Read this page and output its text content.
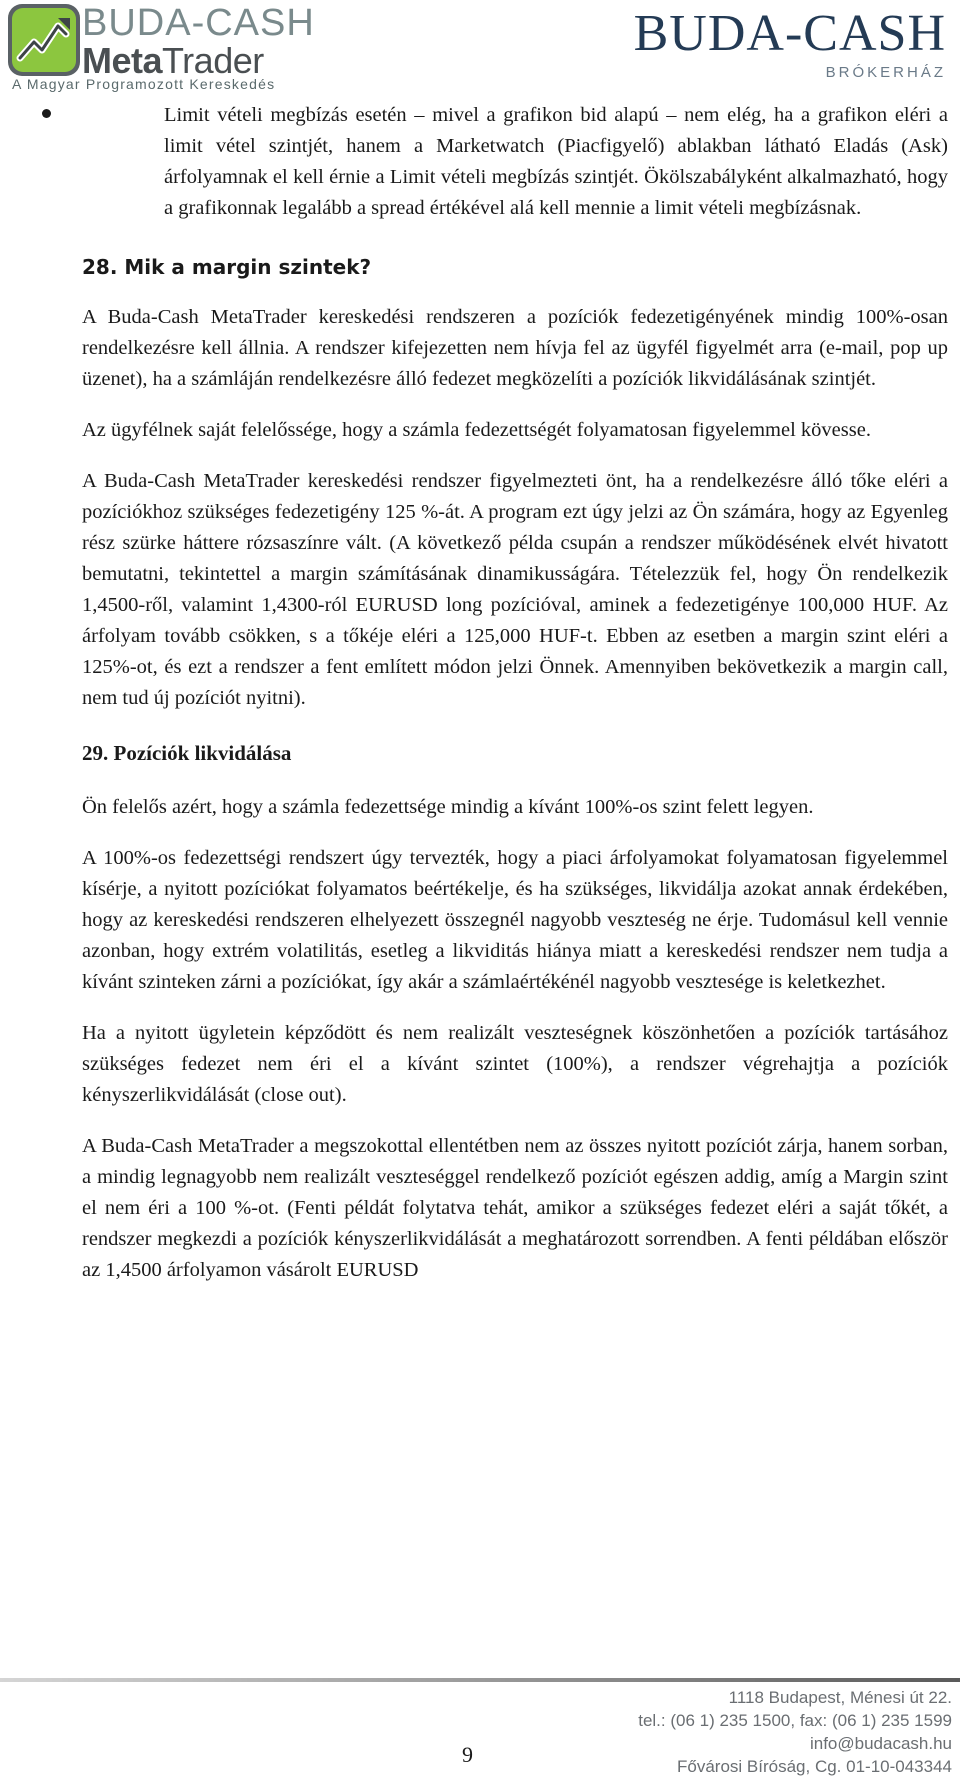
BUDA-CASH
MetaTrader
A Magyar Programozott Kereskedés
BUDA-CASH
BRÓKERHÁZ

Limit vételi megbízás esetén – mivel a grafikon bid alapú – nem elég, ha a grafikon eléri a limit vétel szintjét, hanem a Marketwatch (Piacfigyelő) ablakban látható Eladás (Ask) árfolyamnak el kell érnie a Limit vételi megbízás szintjét. Ökölszabályként alkalmazható, hogy a grafikonnak legalább a spread értékével alá kell mennie a limit vételi megbízásnak.

28. Mik a margin szintek?

A Buda-Cash MetaTrader kereskedési rendszeren a pozíciók fedezetigényének mindig 100%-osan rendelkezésre kell állnia. A rendszer kifejezetten nem hívja fel az ügyfél figyelmét arra (e-mail, pop up üzenet), ha a számláján rendelkezésre álló fedezet megközelíti a pozíciók likvidálásának szintjét.

Az ügyfélnek saját felelőssége, hogy a számla fedezettségét folyamatosan figyelemmel kövesse.

A Buda-Cash MetaTrader kereskedési rendszer figyelmezteti önt, ha a rendelkezésre álló tőke eléri a pozíciókhoz szükséges fedezetigény 125 %-át. A program ezt úgy jelzi az Ön számára, hogy az Egyenleg rész szürke háttere rózsaszínre vált. (A következő példa csupán a rendszer működésének elvét hivatott bemutatni, tekintettel a margin számításának dinamikusságára. Tételezzük fel, hogy Ön rendelkezik 1,4500-ről, valamint 1,4300-ról EURUSD long pozícióval, aminek a fedezetigénye 100,000 HUF. Az árfolyam tovább csökken, s a tőkéje eléri a 125,000 HUF-t. Ebben az esetben a margin szint eléri a 125%-ot, és ezt a rendszer a fent említett módon jelzi Önnek. Amennyiben bekövetkezik a margin call, nem tud új pozíciót nyitni).

29. Pozíciók likvidálása

Ön felelős azért, hogy a számla fedezettsége mindig a kívánt 100%-os szint felett legyen.

A 100%-os fedezettségi rendszert úgy tervezték, hogy a piaci árfolyamokat folyamatosan figyelemmel kísérje, a nyitott pozíciókat folyamatos beértékelje, és ha szükséges, likvidálja azokat annak érdekében, hogy az kereskedési rendszeren elhelyezett összegnél nagyobb veszteség ne érje. Tudomásul kell vennie azonban, hogy extrém volatilitás, esetleg a likviditás hiánya miatt a kereskedési rendszer nem tudja a kívánt szinteken zárni a pozíciókat, így akár a számlaértékénél nagyobb vesztesége is keletkezhet.

Ha a nyitott ügyletein képződött és nem realizált veszteségnek köszönhetően a pozíciók tartásához szükséges fedezet nem éri el a kívánt szintet (100%), a rendszer végrehajtja a pozíciók kényszerlikvidálását (close out).

A Buda-Cash MetaTrader a megszokottal ellentétben nem az összes nyitott pozíciót zárja, hanem sorban, a mindig legnagyobb nem realizált veszteséggel rendelkező pozíciót egészen addig, amíg a Margin szint el nem éri a 100 %-ot. (Fenti példát folytatva tehát, amikor a szükséges fedezet eléri a saját tőkét, a rendszer megkezdi a pozíciók kényszerlikvidálását a meghatározott sorrendben. A fenti példában először az 1,4500 árfolyamon vásárolt EURUSD

9
1118 Budapest, Ménesi út 22.
tel.: (06 1) 235 1500, fax: (06 1) 235 1599
info@budacash.hu
Fővárosi Bíróság, Cg. 01-10-043344
